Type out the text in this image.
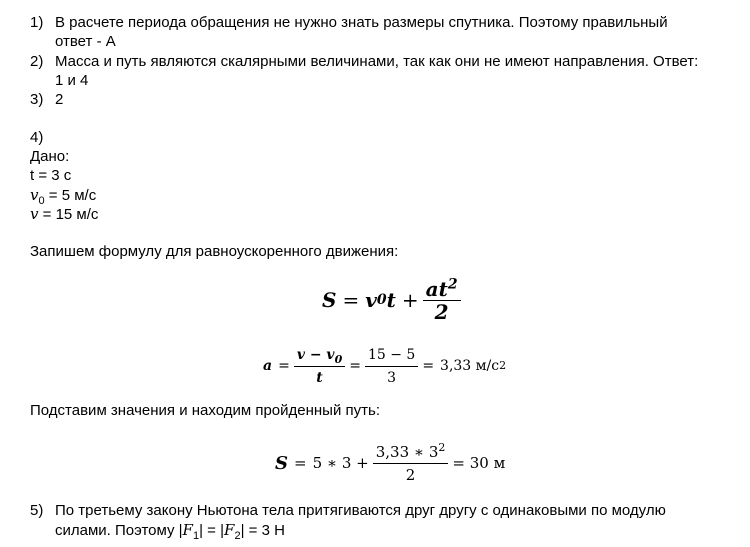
1) В расчете периода обращения не нужно знать размеры спутника. Поэтому правильный
ответ - А
2) Масса и путь являются скалярными величинами, так как они не имеют направления. Ответ:
1 и 4
3) 2
4)
Дано:
t = 3 с
$v_0 = 5$ м/с
v = 15 м/с
Запишем формулу для равноускоренного движения:
S = v 0 $t + \frac{at^2}{2}$
$a = \frac{v - v_0}{t} = \frac{15 - 5}{3} = 3,33$ м/с 2
Подставим значения и находим пройденный путь:
S = 5 ∗ $3 + \frac{3,33 ∗ 3^2}{2} = 30$ м
5) По третьему закону Ньютона тела притягиваются друг другу с одинаковыми по модулю
силами. Поэтому $|F_1| = |F_2| = 3$ Н
